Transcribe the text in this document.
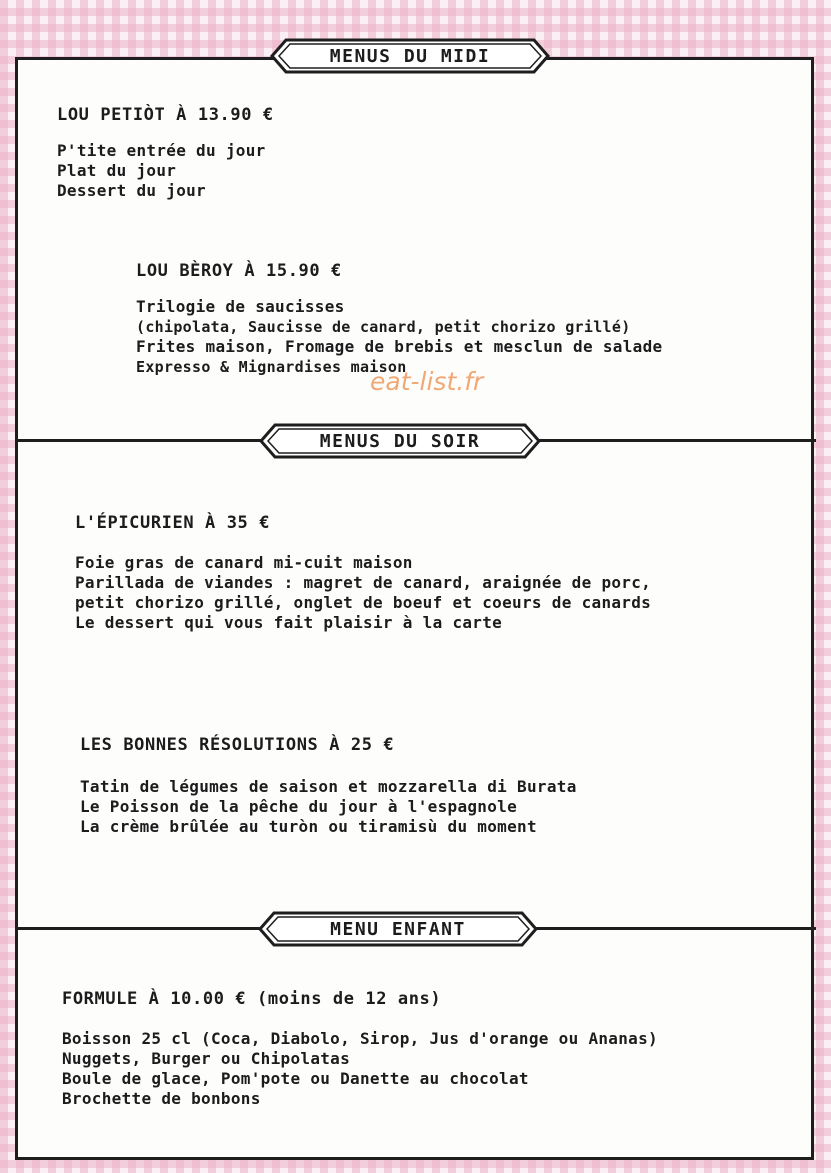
MENUS DU MIDI
MENUS DU SOIR
MENU ENFANT
LOU PETIÒT À 13.90 €
P'tite entrée du jour
Plat du jour
Dessert du jour
LOU BÈROY À 15.90 €
Trilogie de saucisses
(chipolata, Saucisse de canard, petit chorizo grillé)
Frites maison, Fromage de brebis et mesclun de salade
Expresso & Mignardises maison
eat-list.fr
L'ÉPICURIEN À 35 €
Foie gras de canard mi-cuit maison
Parillada de viandes : magret de canard, araignée de porc,
petit chorizo grillé, onglet de boeuf et coeurs de canards
Le dessert qui vous fait plaisir à la carte
LES BONNES RÉSOLUTIONS À 25 €
Tatin de légumes de saison et mozzarella di Burata
Le Poisson de la pêche du jour à l'espagnole
La crème brûlée au turòn ou tiramisù du moment
FORMULE À 10.00 € (moins de 12 ans)
Boisson 25 cl (Coca, Diabolo, Sirop, Jus d'orange ou Ananas)
Nuggets, Burger ou Chipolatas
Boule de glace, Pom'pote ou Danette au chocolat
Brochette de bonbons
